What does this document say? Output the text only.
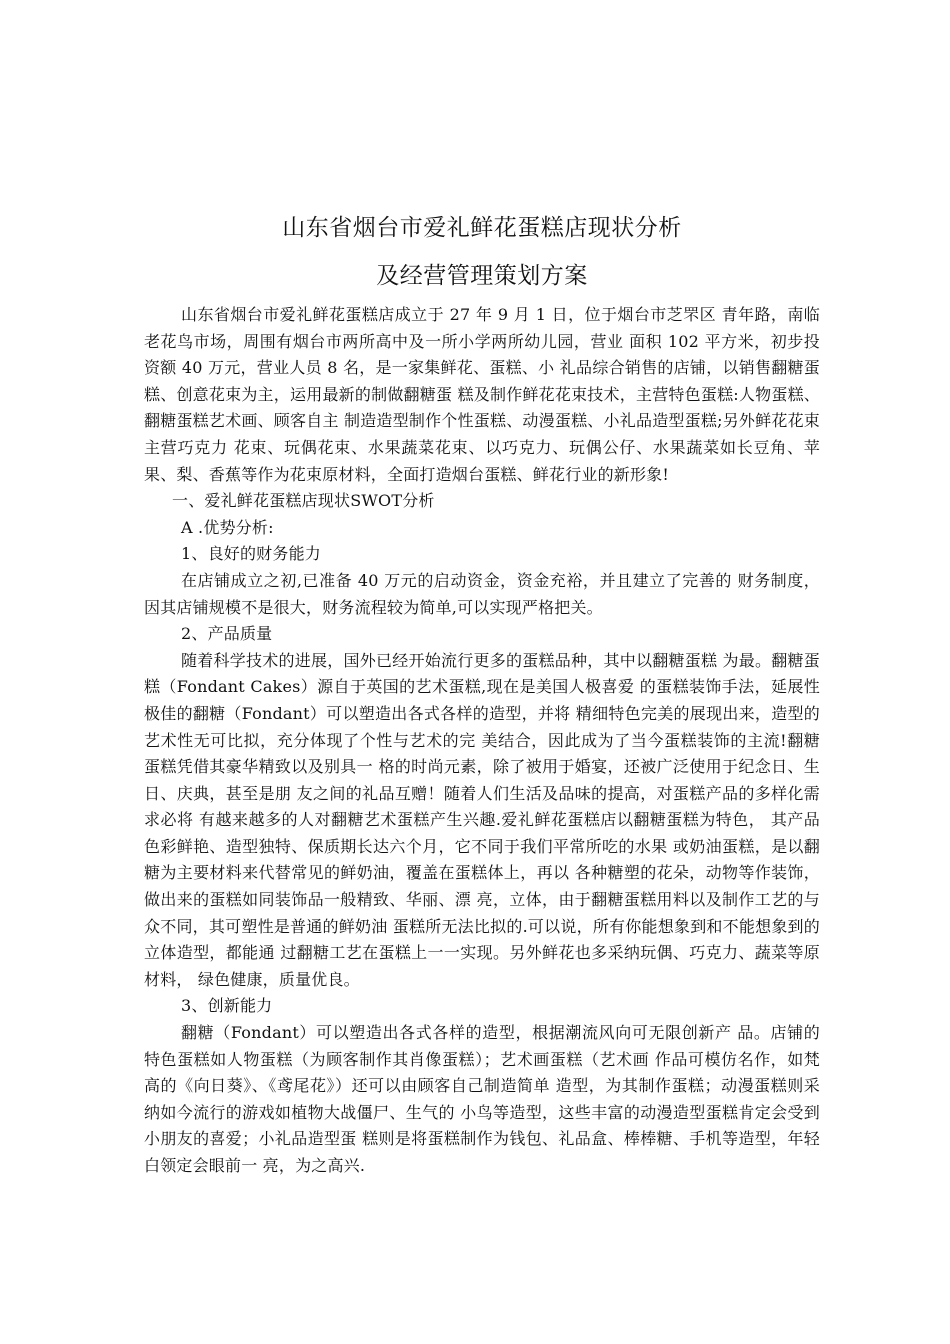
山东省烟台市爱礼鲜花蛋糕店现状分析
及经营管理策划方案

山东省烟台市爱礼鲜花蛋糕店成立于 27 年 9 月 1 日，位于烟台市芝罘区 青年路，南临老花鸟市场，周围有烟台市两所高中及一所小学两所幼儿园，营业 面积 102 平方米，初步投资额 40 万元，营业人员 8 名，是一家集鲜花、蛋糕、小 礼品综合销售的店铺，以销售翻糖蛋糕、创意花束为主，运用最新的制做翻糖蛋 糕及制作鲜花花束技术，主营特色蛋糕:人物蛋糕、翻糖蛋糕艺术画、顾客自主 制造造型制作个性蛋糕、动漫蛋糕、小礼品造型蛋糕;另外鲜花花束主营巧克力 花束、玩偶花束、水果蔬菜花束、以巧克力、玩偶公仔、水果蔬菜如长豆角、苹 果、梨、香蕉等作为花束原材料，全面打造烟台蛋糕、鲜花行业的新形象!

一、爱礼鲜花蛋糕店现状SWOT分析

A .优势分析:

1、良好的财务能力

在店铺成立之初,已准备 40 万元的启动资金，资金充裕，并且建立了完善的 财务制度，因其店铺规模不是很大，财务流程较为简单,可以实现严格把关。

2、产品质量

随着科学技术的进展，国外已经开始流行更多的蛋糕品种，其中以翻糖蛋糕 为最。翻糖蛋糕（Fondant Cakes）源自于英国的艺术蛋糕,现在是美国人极喜爱 的蛋糕装饰手法，延展性极佳的翻糖（Fondant）可以塑造出各式各样的造型，并将 精细特色完美的展现出来，造型的艺术性无可比拟，充分体现了个性与艺术的完 美结合，因此成为了当今蛋糕装饰的主流!翻糖蛋糕凭借其豪华精致以及别具一 格的时尚元素，除了被用于婚宴，还被广泛使用于纪念日、生日、庆典，甚至是朋 友之间的礼品互赠！随着人们生活及品味的提高，对蛋糕产品的多样化需求必将 有越来越多的人对翻糖艺术蛋糕产生兴趣.爱礼鲜花蛋糕店以翻糖蛋糕为特色， 其产品色彩鲜艳、造型独特、保质期长达六个月，它不同于我们平常所吃的水果 或奶油蛋糕，是以翻糖为主要材料来代替常见的鲜奶油，覆盖在蛋糕体上，再以 各种糖塑的花朵，动物等作装饰，做出来的蛋糕如同装饰品一般精致、华丽、漂 亮，立体，由于翻糖蛋糕用料以及制作工艺的与众不同，其可塑性是普通的鲜奶油 蛋糕所无法比拟的.可以说，所有你能想象到和不能想象到的立体造型，都能通 过翻糖工艺在蛋糕上一一实现。另外鲜花也多采纳玩偶、巧克力、蔬菜等原材料， 绿色健康，质量优良。

3、创新能力

翻糖（Fondant）可以塑造出各式各样的造型，根据潮流风向可无限创新产 品。店铺的特色蛋糕如人物蛋糕（为顾客制作其肖像蛋糕）；艺术画蛋糕（艺术画 作品可模仿名作，如梵高的《向日葵》、《鸢尾花》）还可以由顾客自己制造简单 造型，为其制作蛋糕；动漫蛋糕则采纳如今流行的游戏如植物大战僵尸、生气的 小鸟等造型，这些丰富的动漫造型蛋糕肯定会受到小朋友的喜爱；小礼品造型蛋 糕则是将蛋糕制作为钱包、礼品盒、棒棒糖、手机等造型，年轻白领定会眼前一 亮，为之高兴.
